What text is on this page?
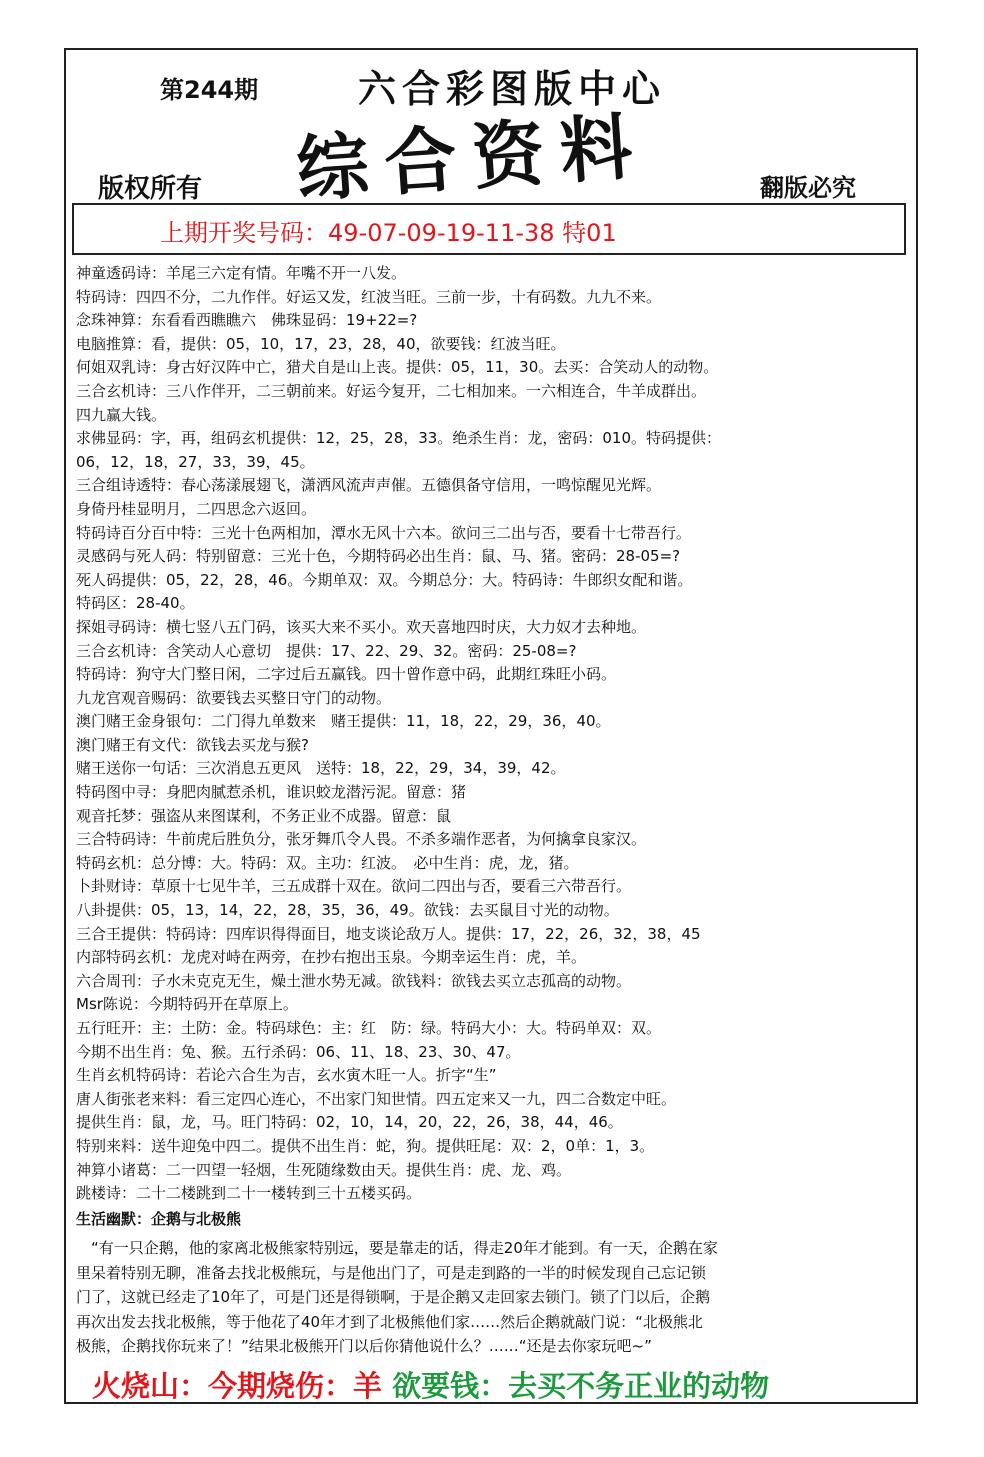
第244期	六合彩图版中心
综合资料
版权所有	翻版必究
上期开奖号码：49-07-09-19-11-38 特01
神童透码诗：羊尾三六定有情。年嘴不开一八发。
特码诗：四四不分，二九作伴。好运又发，红波当旺。三前一步，十有码数。九九不来。
念珠神算：东看看西瞧瞧六　佛珠显码：19+22=?
电脑推算：看，提供：05，10，17，23，28，40，欲要钱：红波当旺。
何姐双乳诗：身古好汉阵中亡，猎犬自是山上丧。提供：05，11，30。去买：合笑动人的动物。
三合玄机诗：三八作伴开，二三朝前来。好运今复开，二七相加来。一六相连合，牛羊成群出。
四九赢大钱。
求佛显码：字，再，组码玄机提供：12，25，28，33。绝杀生肖：龙，密码：010。特码提供：
06，12，18，27，33，39，45。
三合组诗透特：春心荡漾展翅飞，潇洒风流声声催。五德俱备守信用，一鸣惊醒见光辉。
身倚丹桂显明月，二四思念六返回。
特码诗百分百中特：三光十色两相加，潭水无风十六本。欲问三二出与否，要看十七带吾行。
灵感码与死人码：特别留意：三光十色，今期特码必出生肖：鼠、马、猪。密码：28-05=?
死人码提供：05，22，28，46。今期单双：双。今期总分：大。特码诗：牛郎织女配和谐。
特码区：28-40。
探姐寻码诗：横七竖八五门码，该买大来不买小。欢天喜地四时庆，大力奴才去种地。
三合玄机诗：含笑动人心意切　提供：17、22、29、32。密码：25-08=?
特码诗：狗守大门整日闲，二字过后五赢钱。四十曾作意中码，此期红珠旺小码。
九龙宫观音赐码：欲要钱去买整日守门的动物。
澳门赌王金身银句：二门得九单数来　赌王提供：11，18，22，29，36，40。
澳门赌王有文代：欲钱去买龙与猴?
赌王送你一句话：三次消息五更风　送特：18，22，29，34，39，42。
特码图中寻：身肥肉腻惹杀机，谁识蛟龙潜污泥。留意：猪
观音托梦：强盗从来图谋利，不务正业不成器。留意：鼠
三合特码诗：牛前虎后胜负分，张牙舞爪令人畏。不杀多端作恶者，为何擒拿良家汉。
特码玄机：总分博：大。特码：双。主功：红波。　必中生肖：虎，龙，猪。
卜卦财诗：草原十七见牛羊，三五成群十双在。欲问二四出与否，要看三六带吾行。
八卦提供：05，13，14，22，28，35，36，49。欲钱：去买鼠目寸光的动物。
三合王提供：特码诗：四库识得得面目，地支谈论敌万人。提供：17，22，26，32，38，45
内部特码玄机：龙虎对峙在两旁，在抄右抱出玉泉。今期幸运生肖：虎，羊。
六合周刊：子水未克克无生，燥土泄水势无减。欲钱料：欲钱去买立志孤高的动物。
Msr陈说：今期特码开在草原上。
五行旺开：主：土防：金。特码球色：主：红　防：绿。特码大小：大。特码单双：双。
今期不出生肖：兔、猴。五行杀码：06、11、18、23、30、47。
生肖玄机特码诗：若论六合生为吉，玄水寅木旺一人。折字“生”
唐人街张老来料：看三定四心连心，不出家门知世情。四五定来又一九，四二合数定中旺。
提供生肖：鼠，龙，马。旺门特码：02，10，14，20，22，26，38，44，46。
特别来料：送牛迎兔中四二。提供不出生肖：蛇，狗。提供旺尾：双：2，0单：1，3。
神算小诸葛：二一四望一轻烟，生死随缘数由天。提供生肖：虎、龙、鸡。
跳楼诗：二十二楼跳到二十一楼转到三十五楼买码。
生活幽默：企鹅与北极熊
　“有一只企鹅，他的家离北极熊家特别远，要是靠走的话，得走20年才能到。有一天，企鹅在家
里呆着特别无聊，准备去找北极熊玩，与是他出门了，可是走到路的一半的时候发现自己忘记锁
门了，这就已经走了10年了，可是门还是得锁啊，于是企鹅又走回家去锁门。锁了门以后，企鹅
再次出发去找北极熊，等于他花了40年才到了北极熊他们家……然后企鹅就敲门说：“北极熊北
极熊，企鹅找你玩来了！”结果北极熊开门以后你猜他说什么？……“还是去你家玩吧~”
火烧山：今期烧伤：羊 欲要钱：去买不务正业的动物
